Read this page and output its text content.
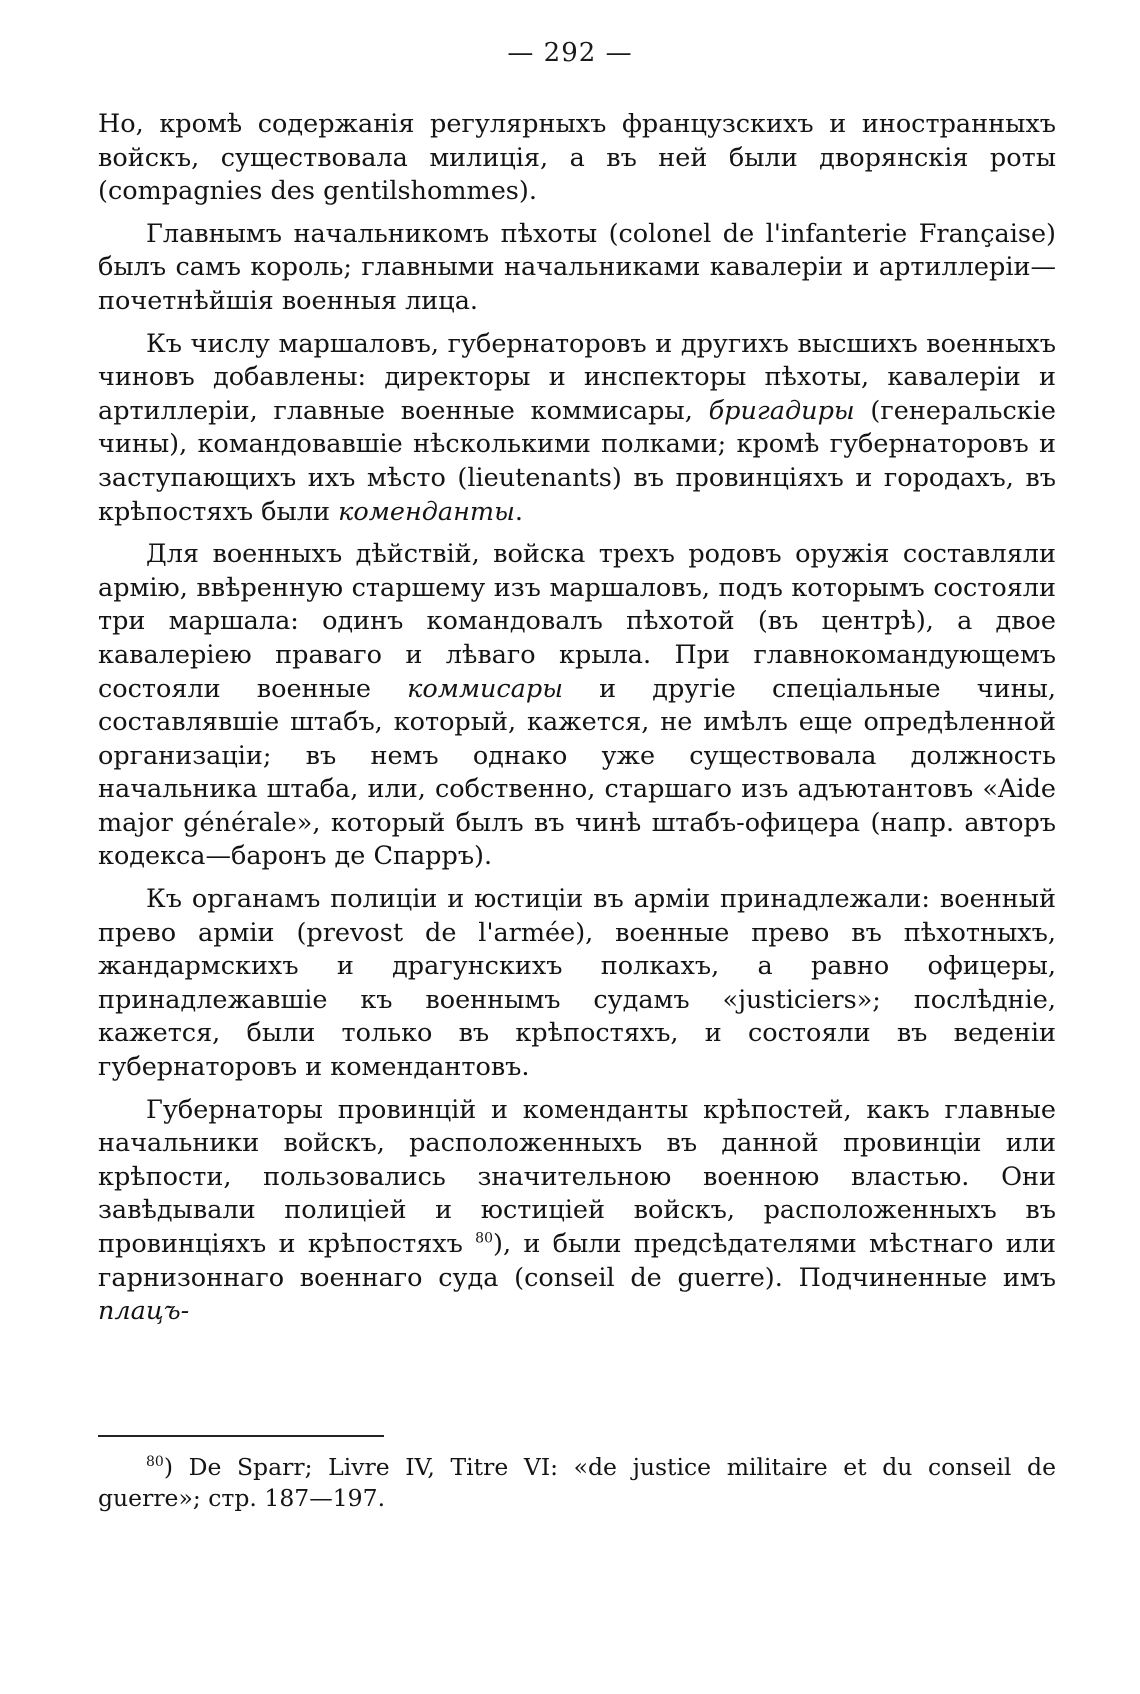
— 292 —

Но, кромѣ содержанія регулярныхъ французскихъ и иностранныхъ войскъ, существовала милиція, а въ ней были дворянскія роты (compagnies des gentilshommes).

Главнымъ начальникомъ пѣхоты (colonel de l'infanterie Française) былъ самъ король; главными начальниками кавалеріи и артиллеріи—почетнѣйшія военныя лица.

Къ числу маршаловъ, губернаторовъ и другихъ высшихъ военныхъ чиновъ добавлены: директоры и инспекторы пѣхоты, кавалеріи и артиллеріи, главные военные коммисары, бригадиры (генеральскіе чины), командовавшіе нѣсколькими полками; кромѣ губернаторовъ и заступающихъ ихъ мѣсто (lieutenants) въ провинціяхъ и городахъ, въ крѣпостяхъ были коменданты.

Для военныхъ дѣйствій, войска трехъ родовъ оружія составляли армію, ввѣренную старшему изъ маршаловъ, подъ которымъ состояли три маршала: одинъ командовалъ пѣхотой (въ центрѣ), а двое кавалеріею праваго и лѣваго крыла. При главнокомандующемъ состояли военные коммисары и другіе спеціальные чины, составлявшіе штабъ, который, кажется, не имѣлъ еще опредѣленной организаціи; въ немъ однако уже существовала должность начальника штаба, или, собственно, старшаго изъ адъютантовъ «Aide major générale», который былъ въ чинѣ штабъ-офицера (напр. авторъ кодекса—баронъ де Спарръ).

Къ органамъ полиціи и юстиціи въ арміи принадлежали: военный прево арміи (prevost de l'armée), военные прево въ пѣхотныхъ, жандармскихъ и драгунскихъ полкахъ, а равно офицеры, принадлежавшіе къ военнымъ судамъ «justiciers»; послѣдніе, кажется, были только въ крѣпостяхъ, и состояли въ веденіи губернаторовъ и комендантовъ.

Губернаторы провинцій и коменданты крѣпостей, какъ главные начальники войскъ, расположенныхъ въ данной провинціи или крѣпости, пользовались значительною военною властью. Они завѣдывали полиціей и юстиціей войскъ, расположенныхъ въ провинціяхъ и крѣпостяхъ $^{80}$), и были предсѣдателями мѣстнаго или гарнизоннаго военнаго суда (conseil de guerre). Подчиненные имъ плацъ-

$^{80}$) De Sparr; Livre IV, Titre VI: «de justice militaire et du conseil de guerre»; стр. 187—197.
